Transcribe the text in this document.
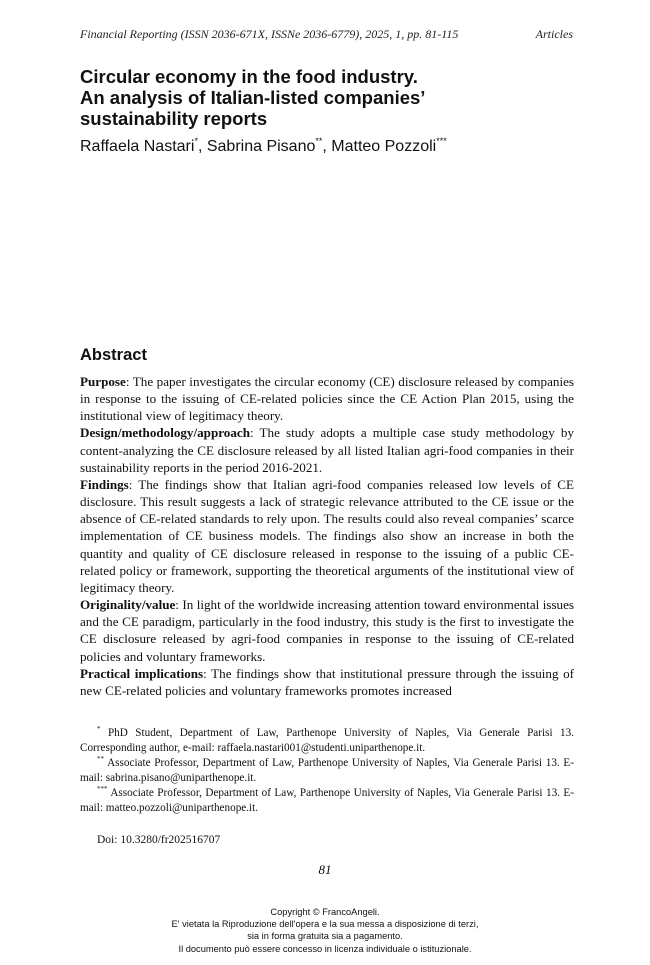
Financial Reporting (ISSN 2036-671X, ISSNe 2036-6779), 2025, 1, pp. 81-115	Articles
Circular economy in the food industry.
An analysis of Italian-listed companies’
sustainability reports
Raffaela Nastari*, Sabrina Pisano**, Matteo Pozzoli***
Abstract

Purpose: The paper investigates the circular economy (CE) disclosure released by companies in response to the issuing of CE-related policies since the CE Action Plan 2015, using the institutional view of legitimacy theory.

Design/methodology/approach: The study adopts a multiple case study methodology by content-analyzing the CE disclosure released by all listed Italian agri-food companies in their sustainability reports in the period 2016-2021.

Findings: The findings show that Italian agri-food companies released low levels of CE disclosure. This result suggests a lack of strategic relevance attributed to the CE issue or the absence of CE-related standards to rely upon. The results could also reveal companies’ scarce implementation of CE business models. The findings also show an increase in both the quantity and quality of CE disclosure released in response to the issuing of a public CE-related policy or framework, supporting the theoretical arguments of the institutional view of legitimacy theory.

Originality/value: In light of the worldwide increasing attention toward environmental issues and the CE paradigm, particularly in the food industry, this study is the first to investigate the CE disclosure released by agri-food companies in response to the issuing of CE-related policies and voluntary frameworks.

Practical implications: The findings show that institutional pressure through the issuing of new CE-related policies and voluntary frameworks promotes increased

* PhD Student, Department of Law, Parthenope University of Naples, Via Generale Parisi 13. Corresponding author, e-mail: raffaela.nastari001@studenti.uniparthenope.it.

** Associate Professor, Department of Law, Parthenope University of Naples, Via Generale Parisi 13. E-mail: sabrina.pisano@uniparthenope.it.

*** Associate Professor, Department of Law, Parthenope University of Naples, Via Generale Parisi 13. E-mail: matteo.pozzoli@uniparthenope.it.

Doi: 10.3280/fr202516707
81
Copyright © FrancoAngeli.
E' vietata la Riproduzione dell'opera e la sua messa a disposizione di terzi,
sia in forma gratuita sia a pagamento.
Il documento può essere concesso in licenza individuale o istituzionale.
